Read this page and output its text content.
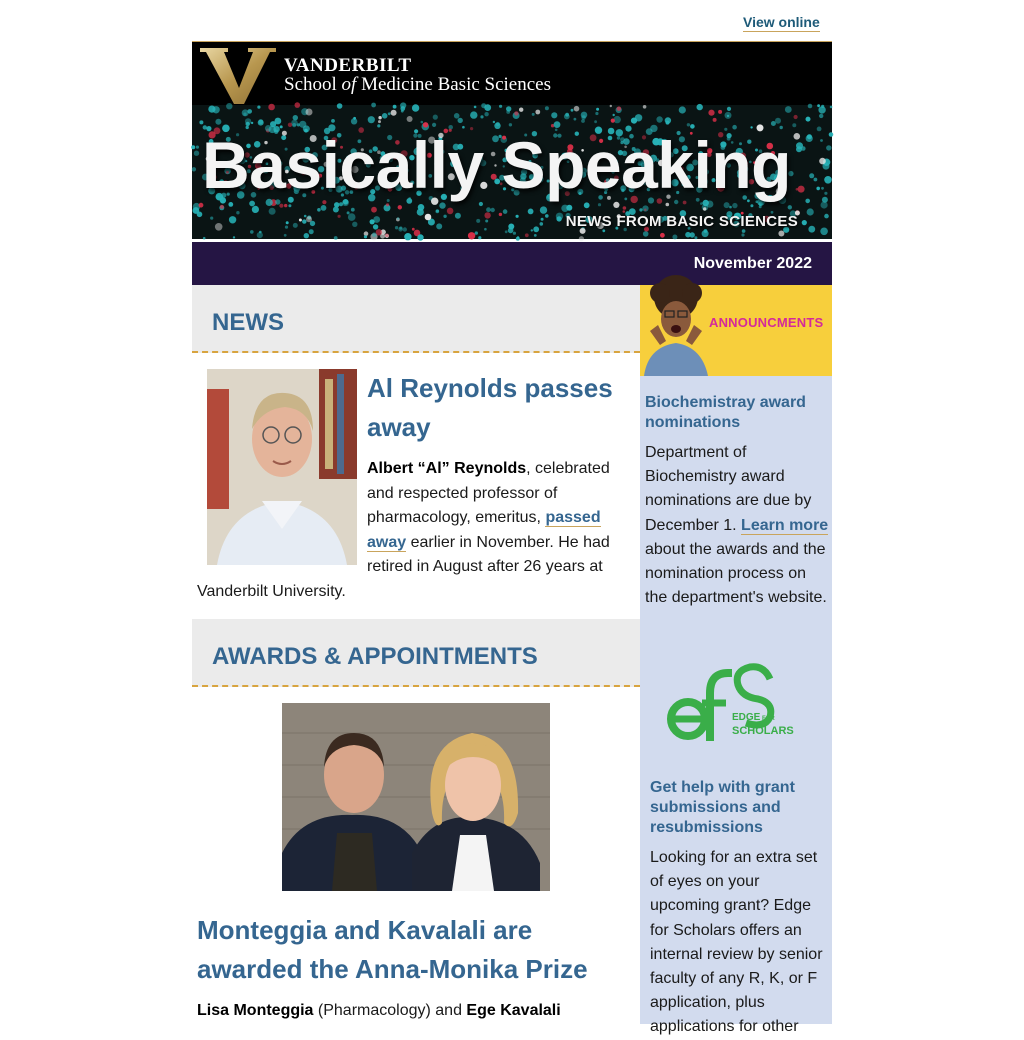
View online
VANDERBILT
School of Medicine Basic Sciences
Basically Speaking
NEWS FROM BASIC SCIENCES
November 2022
NEWS
Al Reynolds passes away
Albert “Al” Reynolds, celebrated and respected professor of pharmacology, emeritus, passed away earlier in November. He had retired in August after 26 years at Vanderbilt University.
AWARDS & APPOINTMENTS
Monteggia and Kavalali are awarded the Anna-Monika Prize
Lisa Monteggia (Pharmacology) and Ege Kavalali
ANNOUNCMENTS
Biochemistray award nominations
Department of Biochemistry award nominations are due by December 1. Learn more about the awards and the nomination process on the department's website.
EDGE FOR
SCHOLARS
Get help with grant submissions and resubmissions
Looking for an extra set of eyes on your upcoming grant? Edge for Scholars offers an internal review by senior faculty of any R, K, or F application, plus applications for other
